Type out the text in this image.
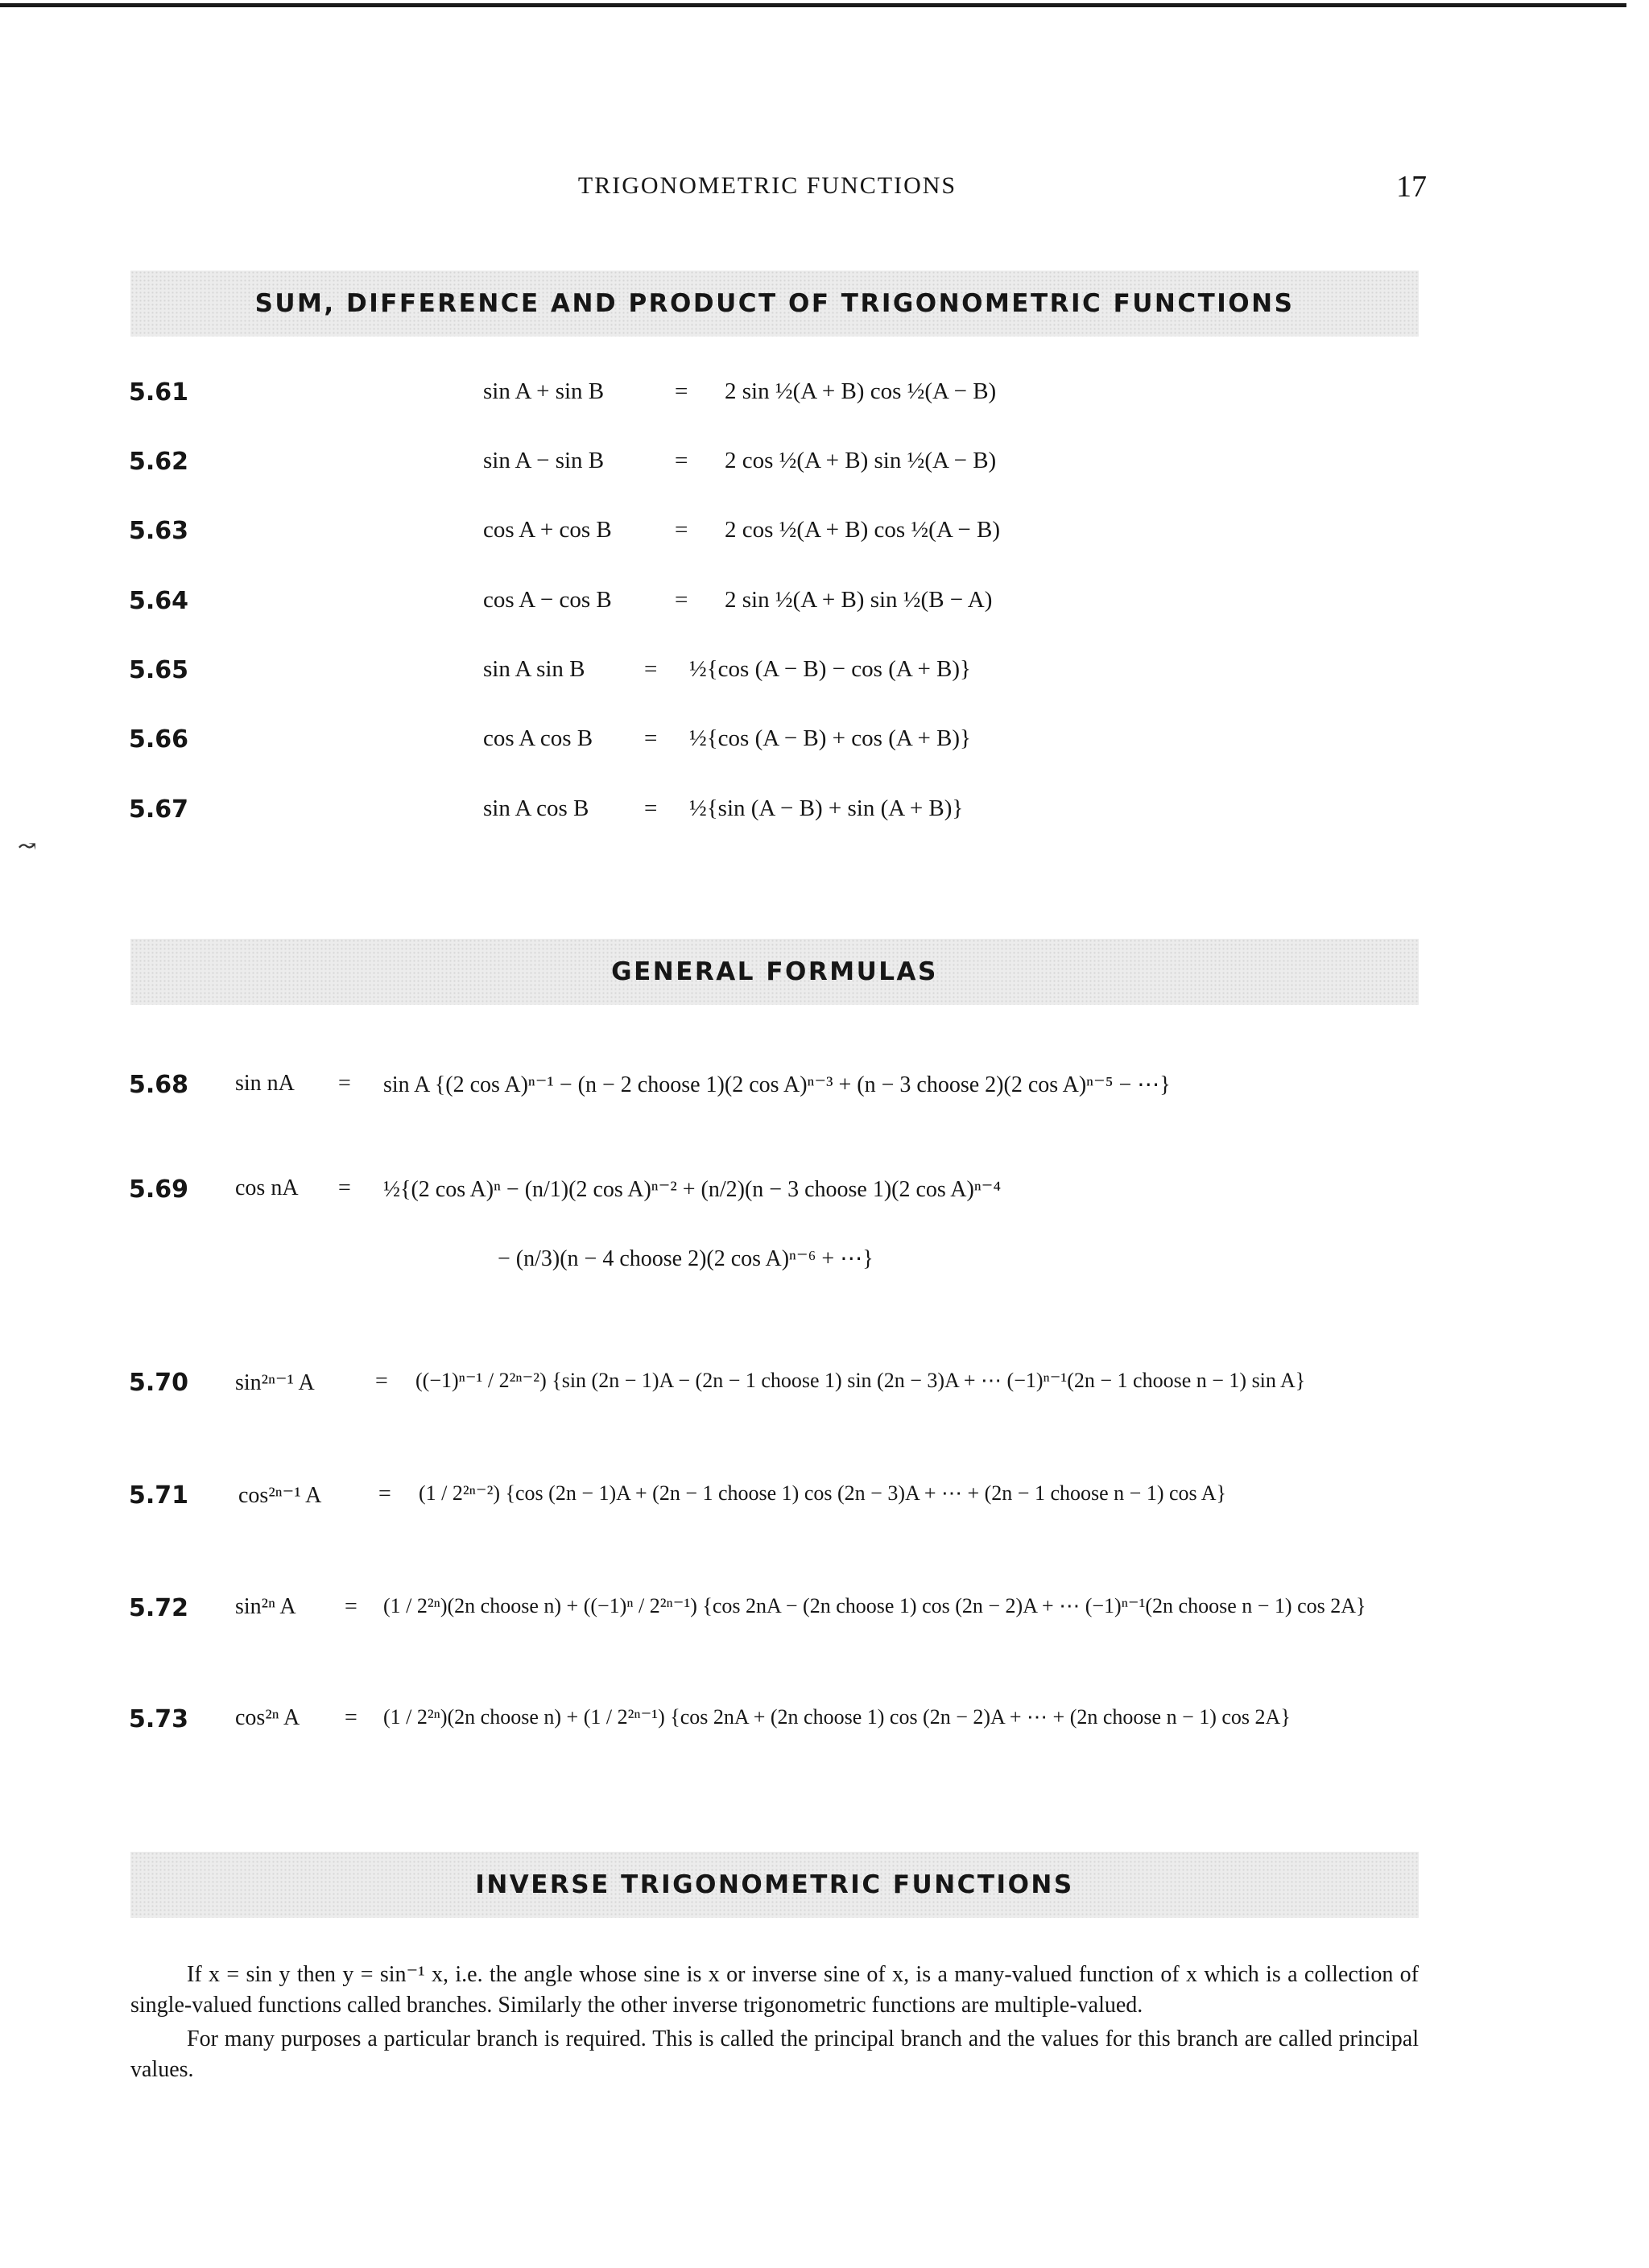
TRIGONOMETRIC FUNCTIONS	17
↝
SUM, DIFFERENCE AND PRODUCT OF TRIGONOMETRIC FUNCTIONS
5.61	sin A + sin B	= 2 sin ½(A + B) cos ½(A − B)
5.62	sin A − sin B	= 2 cos ½(A + B) sin ½(A − B)
5.63	cos A + cos B	= 2 cos ½(A + B) cos ½(A − B)
5.64	cos A − cos B	= 2 sin ½(A + B) sin ½(B − A)
5.65	sin A sin B	= ½{cos (A − B) − cos (A + B)}
5.66	cos A cos B	= ½{cos (A − B) + cos (A + B)}
5.67	sin A cos B	= ½{sin (A − B) + sin (A + B)}
GENERAL FORMULAS
5.68 sin nA = sin A {(2 cos A)ⁿ⁻¹ − (n − 2 choose 1)(2 cos A)ⁿ⁻³ + (n − 3 choose 2)(2 cos A)ⁿ⁻⁵ − ⋯}
5.69 cos nA = ½{(2 cos A)ⁿ − (n/1)(2 cos A)ⁿ⁻² + (n/2)(n − 3 choose 1)(2 cos A)ⁿ⁻⁴
− (n/3)(n − 4 choose 2)(2 cos A)ⁿ⁻⁶ + ⋯}
5.70 sin²ⁿ⁻¹ A	= ((−1)ⁿ⁻¹ / 2²ⁿ⁻²) {sin (2n − 1)A − (2n − 1 choose 1) sin (2n − 3)A + ⋯ (−1)ⁿ⁻¹(2n − 1 choose n − 1) sin A}
5.71 cos²ⁿ⁻¹ A	= (1 / 2²ⁿ⁻²) {cos (2n − 1)A + (2n − 1 choose 1) cos (2n − 3)A + ⋯ + (2n − 1 choose n − 1) cos A}
5.72 sin²ⁿ A = (1 / 2²ⁿ)(2n choose n) + ((−1)ⁿ / 2²ⁿ⁻¹) {cos 2nA − (2n choose 1) cos (2n − 2)A + ⋯ (−1)ⁿ⁻¹(2n choose n − 1) cos 2A}
5.73 cos²ⁿ A = (1 / 2²ⁿ)(2n choose n) + (1 / 2²ⁿ⁻¹) {cos 2nA + (2n choose 1) cos (2n − 2)A + ⋯ + (2n choose n − 1) cos 2A}
INVERSE TRIGONOMETRIC FUNCTIONS

If x = sin y then y = sin⁻¹ x, i.e. the angle whose sine is x or inverse sine of x, is a many-valued function of x which is a collection of single-valued functions called branches. Similarly the other inverse trigonometric functions are multiple-valued.

For many purposes a particular branch is required. This is called the principal branch and the values for this branch are called principal values.
